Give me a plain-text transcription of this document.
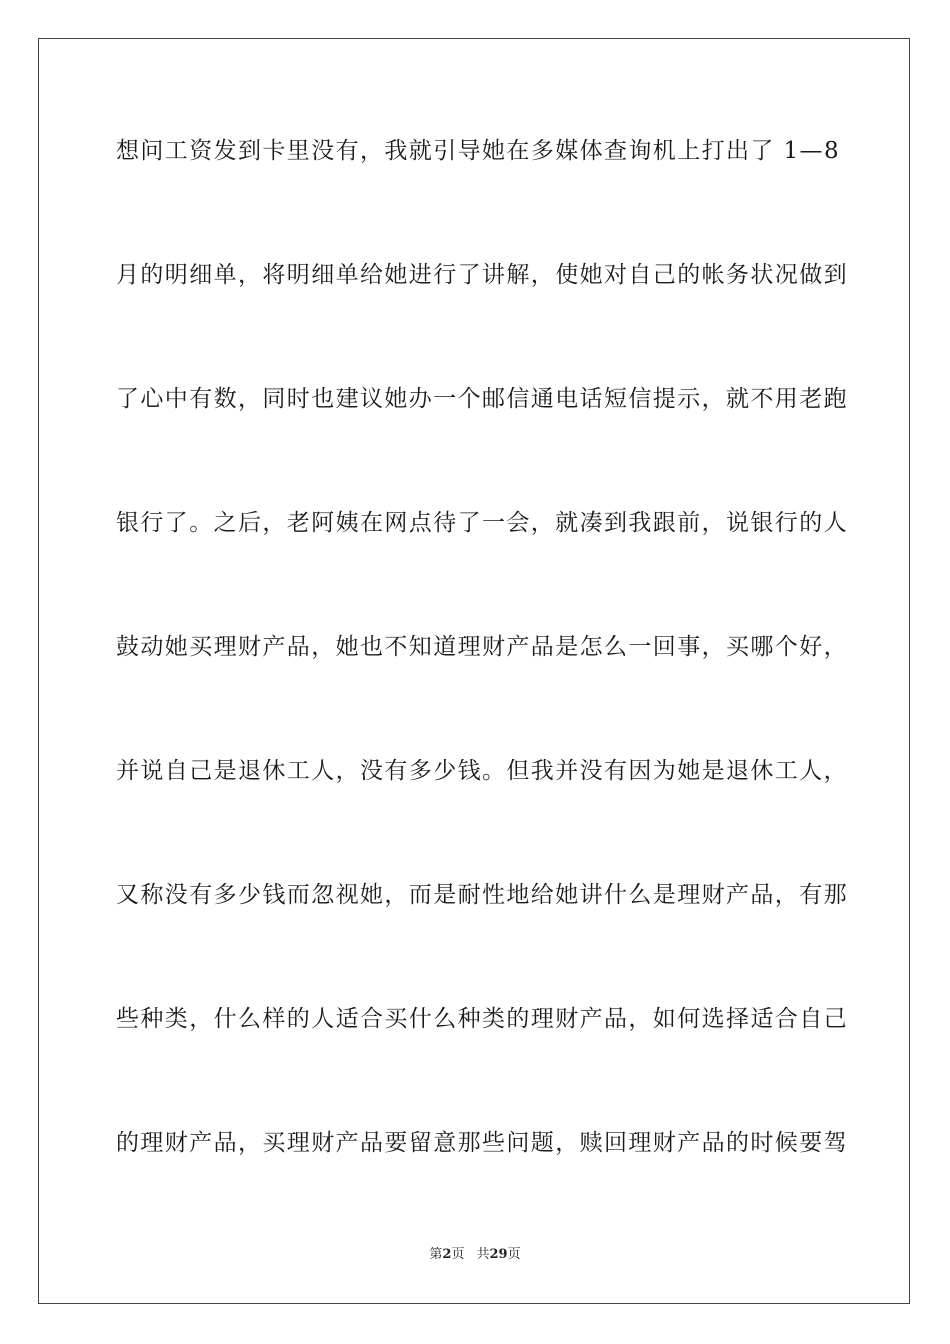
想问工资发到卡里没有，我就引导她在多媒体查询机上打出了 1—8
月的明细单，将明细单给她进行了讲解，使她对自己的帐务状况做到
了心中有数，同时也建议她办一个邮信通电话短信提示，就不用老跑
银行了。之后，老阿姨在网点待了一会，就凑到我跟前，说银行的人
鼓动她买理财产品，她也不知道理财产品是怎么一回事，买哪个好，
并说自己是退休工人，没有多少钱。但我并没有因为她是退休工人，
又称没有多少钱而忽视她，而是耐性地给她讲什么是理财产品，有那
些种类，什么样的人适合买什么种类的理财产品，如何选择适合自己
的理财产品，买理财产品要留意那些问题，赎回理财产品的时候要驾
第2页 共29页
